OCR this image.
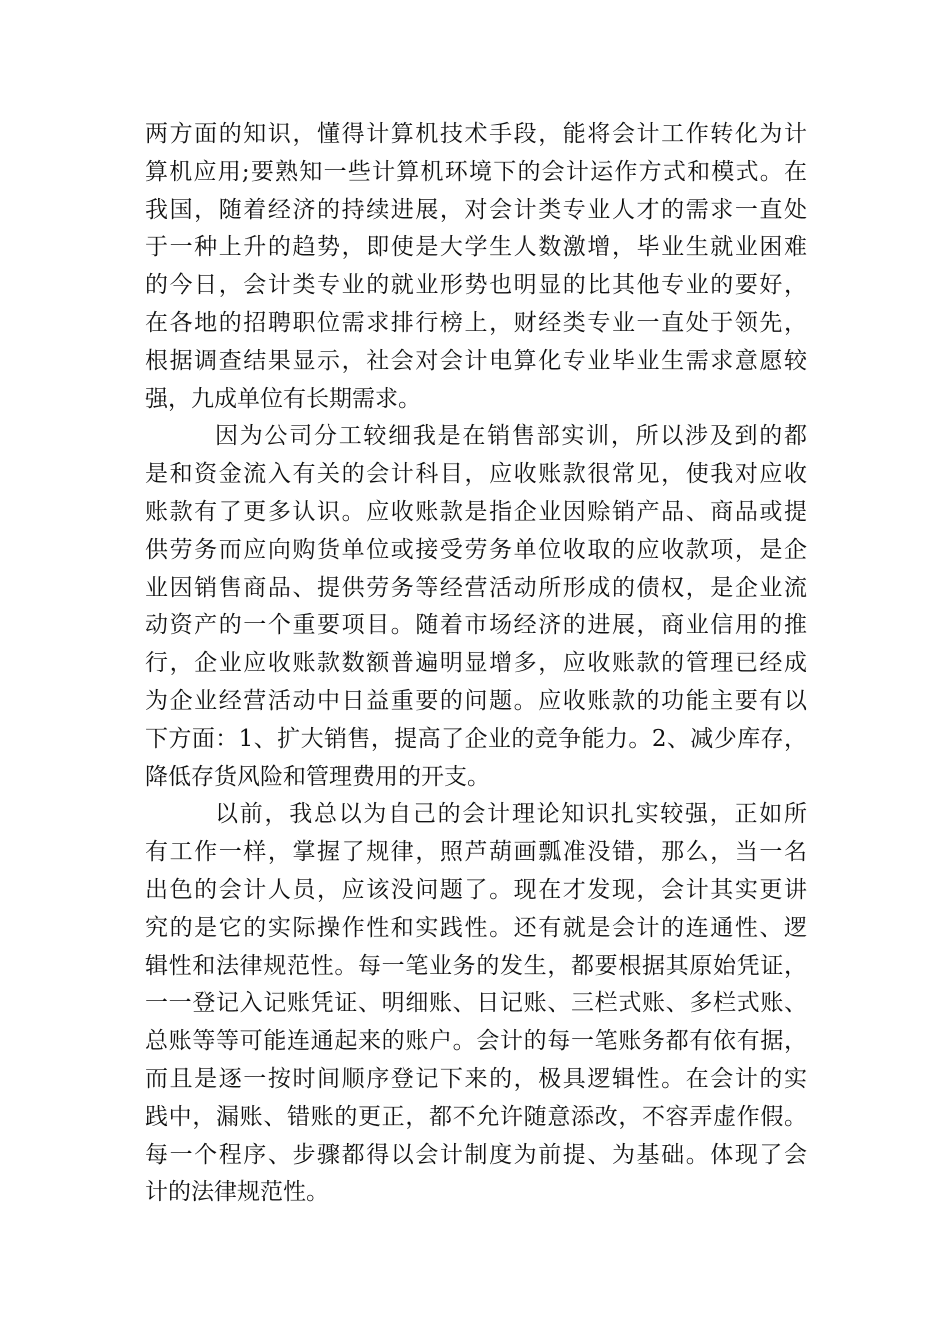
两方面的知识，懂得计算机技术手段，能将会计工作转化为计
算机应用;要熟知一些计算机环境下的会计运作方式和模式。在
我国，随着经济的持续进展，对会计类专业人才的需求一直处
于一种上升的趋势，即使是大学生人数激增，毕业生就业困难
的今日，会计类专业的就业形势也明显的比其他专业的要好，
在各地的招聘职位需求排行榜上，财经类专业一直处于领先，
根据调查结果显示，社会对会计电算化专业毕业生需求意愿较
强，九成单位有长期需求。
因为公司分工较细我是在销售部实训，所以涉及到的都
是和资金流入有关的会计科目，应收账款很常见，使我对应收
账款有了更多认识。应收账款是指企业因赊销产品、商品或提
供劳务而应向购货单位或接受劳务单位收取的应收款项，是企
业因销售商品、提供劳务等经营活动所形成的债权，是企业流
动资产的一个重要项目。随着市场经济的进展，商业信用的推
行，企业应收账款数额普遍明显增多，应收账款的管理已经成
为企业经营活动中日益重要的问题。应收账款的功能主要有以
下方面：1、扩大销售，提高了企业的竞争能力。2、减少库存，
降低存货风险和管理费用的开支。
以前，我总以为自己的会计理论知识扎实较强，正如所
有工作一样，掌握了规律，照芦葫画瓢准没错，那么，当一名
出色的会计人员，应该没问题了。现在才发现，会计其实更讲
究的是它的实际操作性和实践性。还有就是会计的连通性、逻
辑性和法律规范性。每一笔业务的发生，都要根据其原始凭证，
一一登记入记账凭证、明细账、日记账、三栏式账、多栏式账、
总账等等可能连通起来的账户。会计的每一笔账务都有依有据，
而且是逐一按时间顺序登记下来的，极具逻辑性。在会计的实
践中，漏账、错账的更正，都不允许随意添改，不容弄虚作假。
每一个程序、步骤都得以会计制度为前提、为基础。体现了会
计的法律规范性。
